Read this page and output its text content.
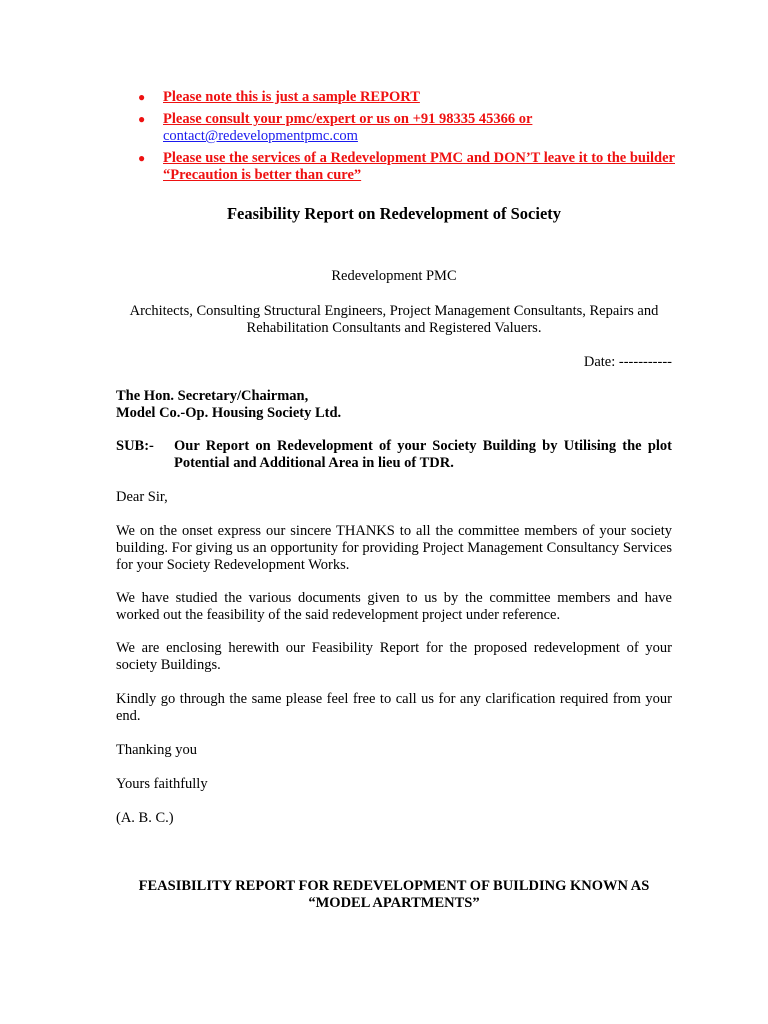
● Please note this is just a sample REPORT
● Please consult your pmc/expert or us on +91 98335 45366 or
contact@redevelopmentpmc.com
● Please use the services of a Redevelopment PMC and DON’T leave it to the builder “Precaution is better than cure”
Feasibility Report on Redevelopment of Society
Redevelopment PMC
Architects, Consulting Structural Engineers, Project Management Consultants, Repairs and Rehabilitation Consultants and Registered Valuers.
Date: -----------
The Hon. Secretary/Chairman,
Model Co.-Op. Housing Society Ltd.
SUB:-	Our Report on Redevelopment of your Society Building by Utilising the plot Potential and Additional Area in lieu of TDR.
Dear Sir,
We on the onset express our sincere THANKS to all the committee members of your society building. For giving us an opportunity for providing Project Management Consultancy Services for your Society Redevelopment Works.
We have studied the various documents given to us by the committee members and have worked out the feasibility of the said redevelopment project under reference.
We are enclosing herewith our Feasibility Report for the proposed redevelopment of your society Buildings.
Kindly go through the same please feel free to call us for any clarification required from your end.
Thanking you
Yours faithfully
(A. B. C.)
FEASIBILITY REPORT FOR REDEVELOPMENT OF BUILDING KNOWN AS
“MODEL APARTMENTS”
